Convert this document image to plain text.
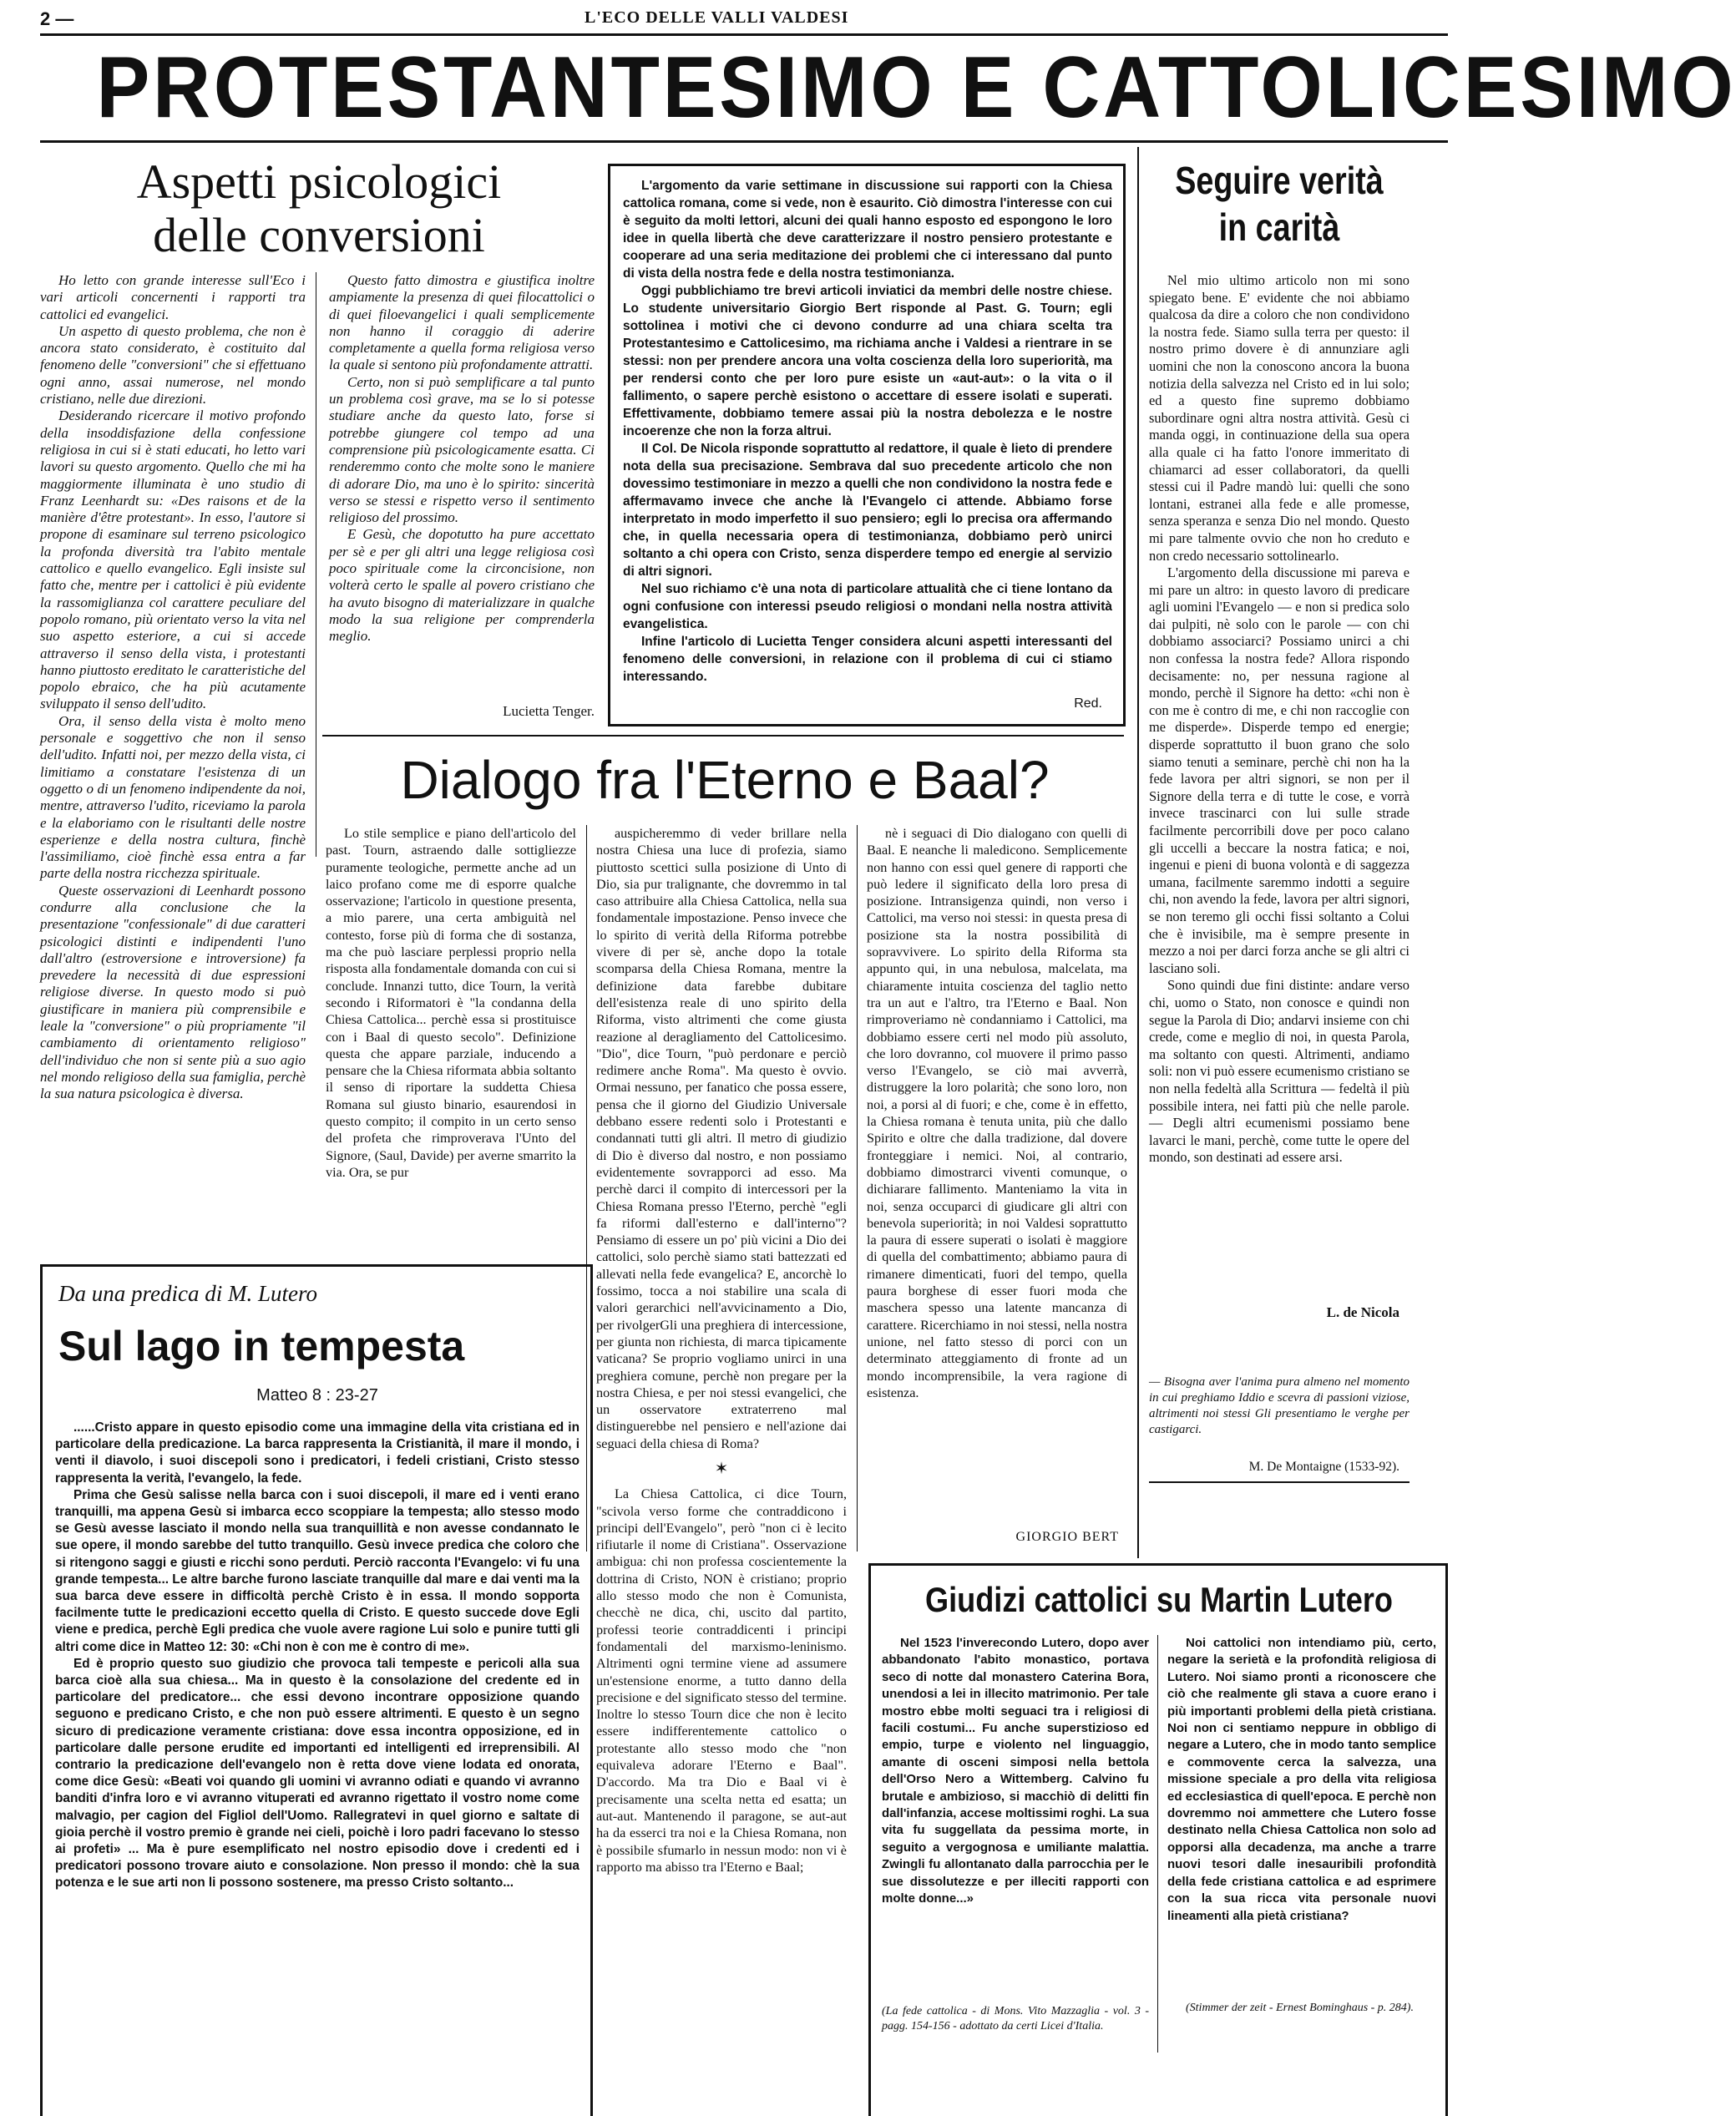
2 —	L'ECO DELLE VALLI VALDESI
PROTESTANTESIMO E CATTOLICESIMO
Aspetti psicologici
delle conversioni

Ho letto con grande interesse sull'Eco i vari articoli concernenti i rapporti tra cattolici ed evangelici.

Un aspetto di questo problema, che non è ancora stato considerato, è costituito dal fenomeno delle "conversioni" che si effettuano ogni anno, assai numerose, nel mondo cristiano, nelle due direzioni.

Desiderando ricercare il motivo profondo della insoddisfazione della confessione religiosa in cui si è stati educati, ho letto vari lavori su questo argomento. Quello che mi ha maggiormente illuminata è uno studio di Franz Leenhardt su: «Des raisons et de la manière d'être protestant». In esso, l'autore si propone di esaminare sul terreno psicologico la profonda diversità tra l'abito mentale cattolico e quello evangelico. Egli insiste sul fatto che, mentre per i cattolici è più evidente la rassomiglianza col carattere peculiare del popolo romano, più orientato verso la vita nel suo aspetto esteriore, a cui si accede attraverso il senso della vista, i protestanti hanno piuttosto ereditato le caratteristiche del popolo ebraico, che ha più acutamente sviluppato il senso dell'udito.

Ora, il senso della vista è molto meno personale e soggettivo che non il senso dell'udito. Infatti noi, per mezzo della vista, ci limitiamo a constatare l'esistenza di un oggetto o di un fenomeno indipendente da noi, mentre, attraverso l'udito, riceviamo la parola e la elaboriamo con le risultanti delle nostre esperienze e della nostra cultura, finchè l'assimiliamo, cioè finchè essa entra a far parte della nostra ricchezza spirituale.

Queste osservazioni di Leenhardt possono condurre alla conclusione che la presentazione "confessionale" di due caratteri psicologici distinti e indipendenti l'uno dall'altro (estroversione e introversione) fa prevedere la necessità di due espressioni religiose diverse. In questo modo si può giustificare in maniera più comprensibile e leale la "conversione" o più propriamente "il cambiamento di orientamento religioso" dell'individuo che non si sente più a suo agio nel mondo religioso della sua famiglia, perchè la sua natura psicologica è diversa.

Questo fatto dimostra e giustifica inoltre ampiamente la presenza di quei filocattolici o di quei filoevangelici i quali semplicemente non hanno il coraggio di aderire completamente a quella forma religiosa verso la quale si sentono più profondamente attratti.

Certo, non si può semplificare a tal punto un problema così grave, ma se lo si potesse studiare anche da questo lato, forse si potrebbe giungere col tempo ad una comprensione più psicologicamente esatta. Ci renderemmo conto che molte sono le maniere di adorare Dio, ma uno è lo spirito: sincerità verso se stessi e rispetto verso il sentimento religioso del prossimo.

E Gesù, che dopotutto ha pure accettato per sè e per gli altri una legge religiosa così poco spirituale come la circoncisione, non volterà certo le spalle al povero cristiano che ha avuto bisogno di materializzare in qualche modo la sua religione per comprenderla meglio.

Lucietta Tenger.

L'argomento da varie settimane in discussione sui rapporti con la Chiesa cattolica romana, come si vede, non è esaurito. Ciò dimostra l'interesse con cui è seguito da molti lettori, alcuni dei quali hanno esposto ed espongono le loro idee in quella libertà che deve caratterizzare il nostro pensiero protestante e cooperare ad una seria meditazione dei problemi che ci interessano dal punto di vista della nostra fede e della nostra testimonianza.

Oggi pubblichiamo tre brevi articoli inviatici da membri delle nostre chiese. Lo studente universitario Giorgio Bert risponde al Past. G. Tourn; egli sottolinea i motivi che ci devono condurre ad una chiara scelta tra Protestantesimo e Cattolicesimo, ma richiama anche i Valdesi a rientrare in se stessi: non per prendere ancora una volta coscienza della loro superiorità, ma per rendersi conto che per loro pure esiste un «aut-aut»: o la vita o il fallimento, o sapere perchè esistono o accettare di essere isolati e superati. Effettivamente, dobbiamo temere assai più la nostra debolezza e le nostre incoerenze che non la forza altrui.

Il Col. De Nicola risponde soprattutto al redattore, il quale è lieto di prendere nota della sua precisazione. Sembrava dal suo precedente articolo che non dovessimo testimoniare in mezzo a quelli che non condividono la nostra fede e affermavamo invece che anche là l'Evangelo ci attende. Abbiamo forse interpretato in modo imperfetto il suo pensiero; egli lo precisa ora affermando che, in quella necessaria opera di testimonianza, dobbiamo però unirci soltanto a chi opera con Cristo, senza disperdere tempo ed energie al servizio di altri signori.

Nel suo richiamo c'è una nota di particolare attualità che ci tiene lontano da ogni confusione con interessi pseudo religiosi o mondani nella nostra attività evangelistica.

Infine l'articolo di Lucietta Tenger considera alcuni aspetti interessanti del fenomeno delle conversioni, in relazione con il problema di cui ci stiamo interessando.

Red.
Seguire verità
in carità

Nel mio ultimo articolo non mi sono spiegato bene. E' evidente che noi abbiamo qualcosa da dire a coloro che non condividono la nostra fede. Siamo sulla terra per questo: il nostro primo dovere è di annunziare agli uomini che non la conoscono ancora la buona notizia della salvezza nel Cristo ed in lui solo; ed a questo fine supremo dobbiamo subordinare ogni altra nostra attività. Gesù ci manda oggi, in continuazione della sua opera alla quale ci ha fatto l'onore immeritato di chiamarci ad esser collaboratori, da quelli stessi cui il Padre mandò lui: quelli che sono lontani, estranei alla fede e alle promesse, senza speranza e senza Dio nel mondo. Questo mi pare talmente ovvio che non ho creduto e non credo necessario sottolinearlo.

L'argomento della discussione mi pareva e mi pare un altro: in questo lavoro di predicare agli uomini l'Evangelo — e non si predica solo dai pulpiti, nè solo con le parole — con chi dobbiamo associarci? Possiamo unirci a chi non confessa la nostra fede? Allora rispondo decisamente: no, per nessuna ragione al mondo, perchè il Signore ha detto: «chi non è con me è contro di me, e chi non raccoglie con me disperde». Disperde tempo ed energie; disperde soprattutto il buon grano che solo siamo tenuti a seminare, perchè chi non ha la fede lavora per altri signori, se non per il Signore della terra e di tutte le cose, e vorrà invece trascinarci con lui sulle strade facilmente percorribili dove per poco calano gli uccelli a beccare la nostra fatica; e noi, ingenui e pieni di buona volontà e di saggezza umana, facilmente saremmo indotti a seguire chi, non avendo la fede, lavora per altri signori, se non teremo gli occhi fissi soltanto a Colui che è invisibile, ma è sempre presente in mezzo a noi per darci forza anche se gli altri ci lasciano soli.

Sono quindi due fini distinte: andare verso chi, uomo o Stato, non conosce e quindi non segue la Parola di Dio; andarvi insieme con chi crede, come e meglio di noi, in questa Parola, ma soltanto con questi. Altrimenti, andiamo soli: non vi può essere ecumenismo cristiano se non nella fedeltà alla Scrittura — fedeltà il più possibile intera, nei fatti più che nelle parole. — Degli altri ecumenismi possiamo bene lavarci le mani, perchè, come tutte le opere del mondo, son destinati ad essere arsi.

L. de Nicola
— Bisogna aver l'anima pura almeno nel momento in cui preghiamo Iddio e scevra di passioni viziose, altrimenti noi stessi Gli presentiamo le verghe per castigarci.
M. De Montaigne (1533-92).
Dialogo fra l'Eterno e Baal?

Lo stile semplice e piano dell'articolo del past. Tourn, astraendo dalle sottigliezze puramente teologiche, permette anche ad un laico profano come me di esporre qualche osservazione; l'articolo in questione presenta, a mio parere, una certa ambiguità nel contesto, forse più di forma che di sostanza, ma che può lasciare perplessi proprio nella risposta alla fondamentale domanda con cui si conclude. Innanzi tutto, dice Tourn, la verità secondo i Riformatori è "la condanna della Chiesa Cattolica... perchè essa si prostituisce con i Baal di questo secolo". Definizione questa che appare parziale, inducendo a pensare che la Chiesa riformata abbia soltanto il senso di riportare la suddetta Chiesa Romana sul giusto binario, esaurendosi in questo compito; il compito in un certo senso del profeta che rimproverava l'Unto del Signore, (Saul, Davide) per averne smarrito la via. Ora, se pur

auspicheremmo di veder brillare nella nostra Chiesa una luce di profezia, siamo piuttosto scettici sulla posizione di Unto di Dio, sia pur tralignante, che dovremmo in tal caso attribuire alla Chiesa Cattolica, nella sua fondamentale impostazione. Penso invece che lo spirito di verità della Riforma potrebbe vivere di per sè, anche dopo la totale scomparsa della Chiesa Romana, mentre la definizione data farebbe dubitare dell'esistenza reale di uno spirito della Riforma, visto altrimenti che come giusta reazione al deragliamento del Cattolicesimo. "Dio", dice Tourn, "può perdonare e perciò redimere anche Roma". Ma questo è ovvio. Ormai nessuno, per fanatico che possa essere, pensa che il giorno del Giudizio Universale debbano essere redenti solo i Protestanti e condannati tutti gli altri. Il metro di giudizio di Dio è diverso dal nostro, e non possiamo evidentemente sovrapporci ad esso. Ma perchè darci il compito di intercessori per la Chiesa Romana presso l'Eterno, perchè "egli fa riformi dall'esterno e dall'interno"? Pensiamo di essere un po' più vicini a Dio dei cattolici, solo perchè siamo stati battezzati ed allevati nella fede evangelica? E, ancorchè lo fossimo, tocca a noi stabilire una scala di valori gerarchici nell'avvicinamento a Dio, per rivolgerGli una preghiera di intercessione, per giunta non richiesta, di marca tipicamente vaticana? Se proprio vogliamo unirci in una preghiera comune, perchè non pregare per la nostra Chiesa, e per noi stessi evangelici, che un osservatore extraterreno mal distinguerebbe nel pensiero e nell'azione dai seguaci della chiesa di Roma?

✶

La Chiesa Cattolica, ci dice Tourn, "scivola verso forme che contraddicono i principi dell'Evangelo", però "non ci è lecito rifiutarle il nome di Cristiana". Osservazione ambigua: chi non professa coscientemente la dottrina di Cristo, NON è cristiano; proprio allo stesso modo che non è Comunista, checchè ne dica, chi, uscito dal partito, professi teorie contraddicenti i principi fondamentali del marxismo-leninismo. Altrimenti ogni termine viene ad assumere un'estensione enorme, a tutto danno della precisione e del significato stesso del termine. Inoltre lo stesso Tourn dice che non è lecito essere indifferentemente cattolico o protestante allo stesso modo che "non equivaleva adorare l'Eterno e Baal". D'accordo. Ma tra Dio e Baal vi è precisamente una scelta netta ed esatta; un aut-aut. Mantenendo il paragone, se aut-aut ha da esserci tra noi e la Chiesa Romana, non è possibile sfumarlo in nessun modo: non vi è rapporto ma abisso tra l'Eterno e Baal;

nè i seguaci di Dio dialogano con quelli di Baal. E neanche li maledicono. Semplicemente non hanno con essi quel genere di rapporti che può ledere il significato della loro presa di posizione. Intransigenza quindi, non verso i Cattolici, ma verso noi stessi: in questa presa di posizione sta la nostra possibilità di sopravvivere. Lo spirito della Riforma sta appunto qui, in una nebulosa, malcelata, ma chiaramente intuita coscienza del taglio netto tra un aut e l'altro, tra l'Eterno e Baal. Non rimproveriamo nè condanniamo i Cattolici, ma dobbiamo essere certi nel modo più assoluto, che loro dovranno, col muovere il primo passo verso l'Evangelo, se ciò mai avverrà, distruggere la loro polarità; che sono loro, non noi, a porsi al di fuori; e che, come è in effetto, la Chiesa romana è tenuta unita, più che dallo Spirito e oltre che dalla tradizione, dal dovere fronteggiare i nemici. Noi, al contrario, dobbiamo dimostrarci viventi comunque, o dichiarare fallimento. Manteniamo la vita in noi, senza occuparci di giudicare gli altri con benevola superiorità; in noi Valdesi soprattutto la paura di essere superati o isolati è maggiore di quella del combattimento; abbiamo paura di rimanere dimenticati, fuori del tempo, quella paura borghese di esser fuori moda che maschera spesso una latente mancanza di carattere. Ricerchiamo in noi stessi, nella nostra unione, nel fatto stesso di porci con un determinato atteggiamento di fronte ad un mondo incomprensibile, la vera ragione di esistenza.

GIORGIO BERT
Da una predica di M. Lutero
Sul lago in tempesta
Matteo 8 : 23-27

......Cristo appare in questo episodio come una immagine della vita cristiana ed in particolare della predicazione. La barca rappresenta la Cristianità, il mare il mondo, i venti il diavolo, i suoi discepoli sono i predicatori, i fedeli cristiani, Cristo stesso rappresenta la verità, l'evangelo, la fede.

Prima che Gesù salisse nella barca con i suoi discepoli, il mare ed i venti erano tranquilli, ma appena Gesù si imbarca ecco scoppiare la tempesta; allo stesso modo se Gesù avesse lasciato il mondo nella sua tranquillità e non avesse condannato le sue opere, il mondo sarebbe del tutto tranquillo. Gesù invece predica che coloro che si ritengono saggi e giusti e ricchi sono perduti. Perciò racconta l'Evangelo: vi fu una grande tempesta... Le altre barche furono lasciate tranquille dal mare e dai venti ma la sua barca deve essere in difficoltà perchè Cristo è in essa. Il mondo sopporta facilmente tutte le predicazioni eccetto quella di Cristo. E questo succede dove Egli viene e predica, perchè Egli predica che vuole avere ragione Lui solo e punire tutti gli altri come dice in Matteo 12: 30: «Chi non è con me è contro di me».

Ed è proprio questo suo giudizio che provoca tali tempeste e pericoli alla sua barca cioè alla sua chiesa... Ma in questo è la consolazione del credente ed in particolare del predicatore... che essi devono incontrare opposizione quando seguono e predicano Cristo, e che non può essere altrimenti. E questo è un segno sicuro di predicazione veramente cristiana: dove essa incontra opposizione, ed in particolare dalle persone erudite ed importanti ed intelligenti ed irreprensibili. Al contrario la predicazione dell'evangelo non è retta dove viene lodata ed onorata, come dice Gesù: «Beati voi quando gli uomini vi avranno odiati e quando vi avranno banditi d'infra loro e vi avranno vituperati ed avranno rigettato il vostro nome come malvagio, per cagion del Figliol dell'Uomo. Rallegratevi in quel giorno e saltate di gioia perchè il vostro premio è grande nei cieli, poichè i loro padri facevano lo stesso ai profeti» ... Ma è pure esemplificato nel nostro episodio dove i credenti ed i predicatori possono trovare aiuto e consolazione. Non presso il mondo: chè la sua potenza e le sue arti non li possono sostenere, ma presso Cristo soltanto...

Giudizi cattolici su Martin Lutero

Nel 1523 l'inverecondo Lutero, dopo aver abbandonato l'abito monastico, portava seco di notte dal monastero Caterina Bora, unendosi a lei in illecito matrimonio. Per tale mostro ebbe molti seguaci tra i religiosi di facili costumi... Fu anche superstizioso ed empio, turpe e violento nel linguaggio, amante di osceni simposi nella bettola dell'Orso Nero a Wittemberg. Calvino fu brutale e ambizioso, si macchiò di delitti fin dall'infanzia, accese moltissimi roghi. La sua vita fu suggellata da pessima morte, in seguito a vergognosa e umiliante malattia. Zwingli fu allontanato dalla parrocchia per le sue dissolutezze e per illeciti rapporti con molte donne...»

(La fede cattolica - di Mons. Vito Mazzaglia - vol. 3 - pagg. 154-156 - adottato da certi Licei d'Italia.

Noi cattolici non intendiamo più, certo, negare la serietà e la profondità religiosa di Lutero. Noi siamo pronti a riconoscere che ciò che realmente gli stava a cuore erano i più importanti problemi della pietà cristiana. Noi non ci sentiamo neppure in obbligo di negare a Lutero, che in modo tanto semplice e commovente cerca la salvezza, una missione speciale a pro della vita religiosa ed ecclesiastica di quell'epoca. E perchè non dovremmo noi ammettere che Lutero fosse destinato nella Chiesa Cattolica non solo ad opporsi alla decadenza, ma anche a trarre nuovi tesori dalle inesauribili profondità della fede cristiana cattolica e ad esprimere con la sua ricca vita personale nuovi lineamenti alla pietà cristiana?

(Stimmer der zeit - Ernest Bominghaus - p. 284).
